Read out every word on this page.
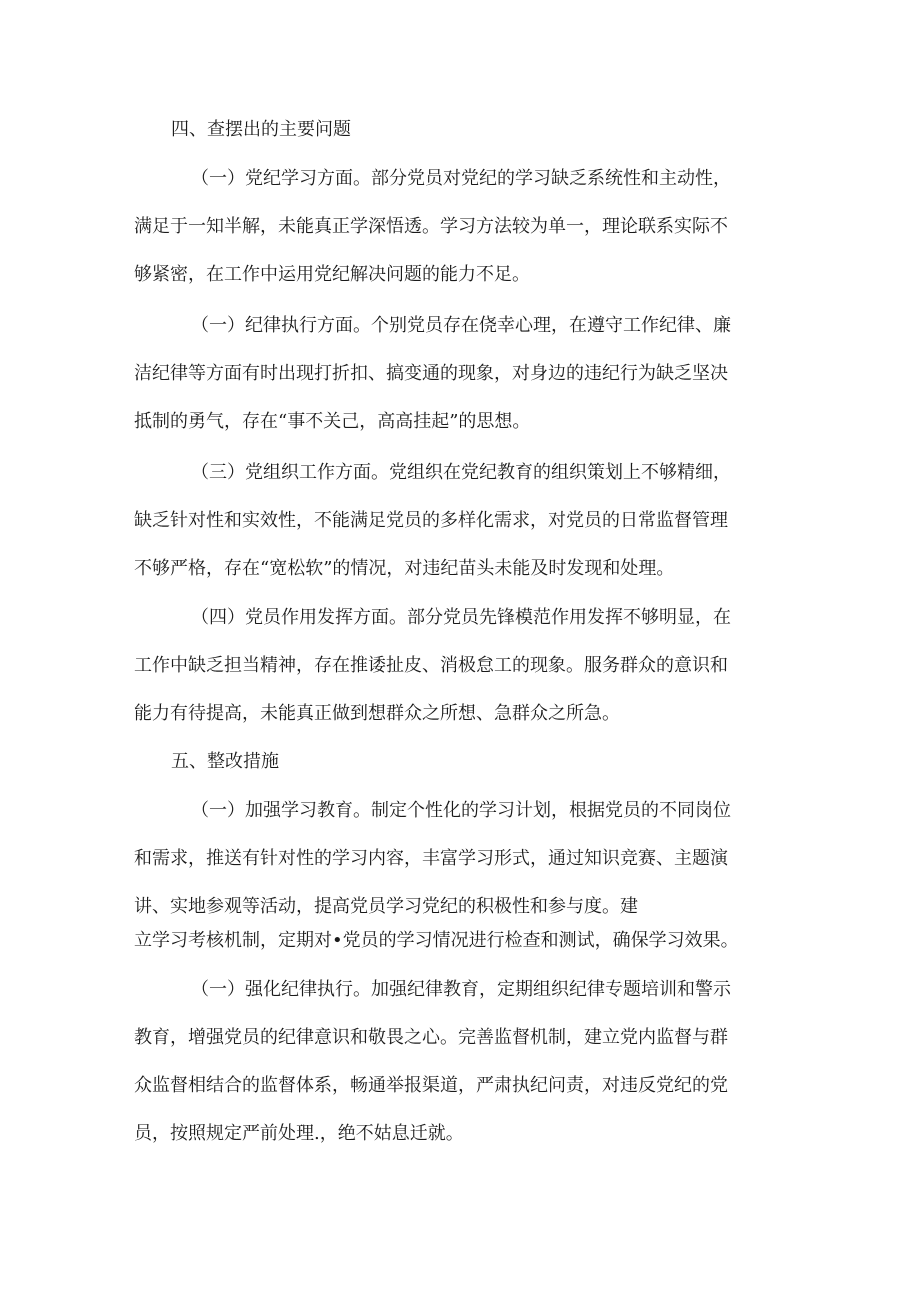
四、查摆出的主要问题
（一）党纪学习方面。部分党员对党纪的学习缺乏系统性和主动性，
满足于一知半解，未能真正学深悟透。学习方法较为单一，理论联系实际不
够紧密，在工作中运用党纪解决问题的能力不足。
（一）纪律执行方面。个别党员存在侥幸心理，在遵守工作纪律、廉
洁纪律等方面有时出现打折扣、搞变通的现象，对身边的违纪行为缺乏坚决
抵制的勇气，存在“事不关己，高高挂起”的思想。
（三）党组织工作方面。党组织在党纪教育的组织策划上不够精细，
缺乏针对性和实效性，不能满足党员的多样化需求，对党员的日常监督管理
不够严格，存在“宽松软”的情况，对违纪苗头未能及时发现和处理。
（四）党员作用发挥方面。部分党员先锋模范作用发挥不够明显，在
工作中缺乏担当精神，存在推诿扯皮、消极怠工的现象。服务群众的意识和
能力有待提高，未能真正做到想群众之所想、急群众之所急。
五、整改措施
（一）加强学习教育。制定个性化的学习计划，根据党员的不同岗位
和需求，推送有针对性的学习内容，丰富学习形式，通过知识竞赛、主题演
讲、实地参观等活动，提高党员学习党纪的积极性和参与度。建
立学习考核机制，定期对•党员的学习情况进行检查和测试，确保学习效果。
（一）强化纪律执行。加强纪律教育，定期组织纪律专题培训和警示
教育，增强党员的纪律意识和敬畏之心。完善监督机制，建立党内监督与群
众监督相结合的监督体系，畅通举报渠道，严肃执纪问责，对违反党纪的党
员，按照规定严前处理.，绝不姑息迁就。
